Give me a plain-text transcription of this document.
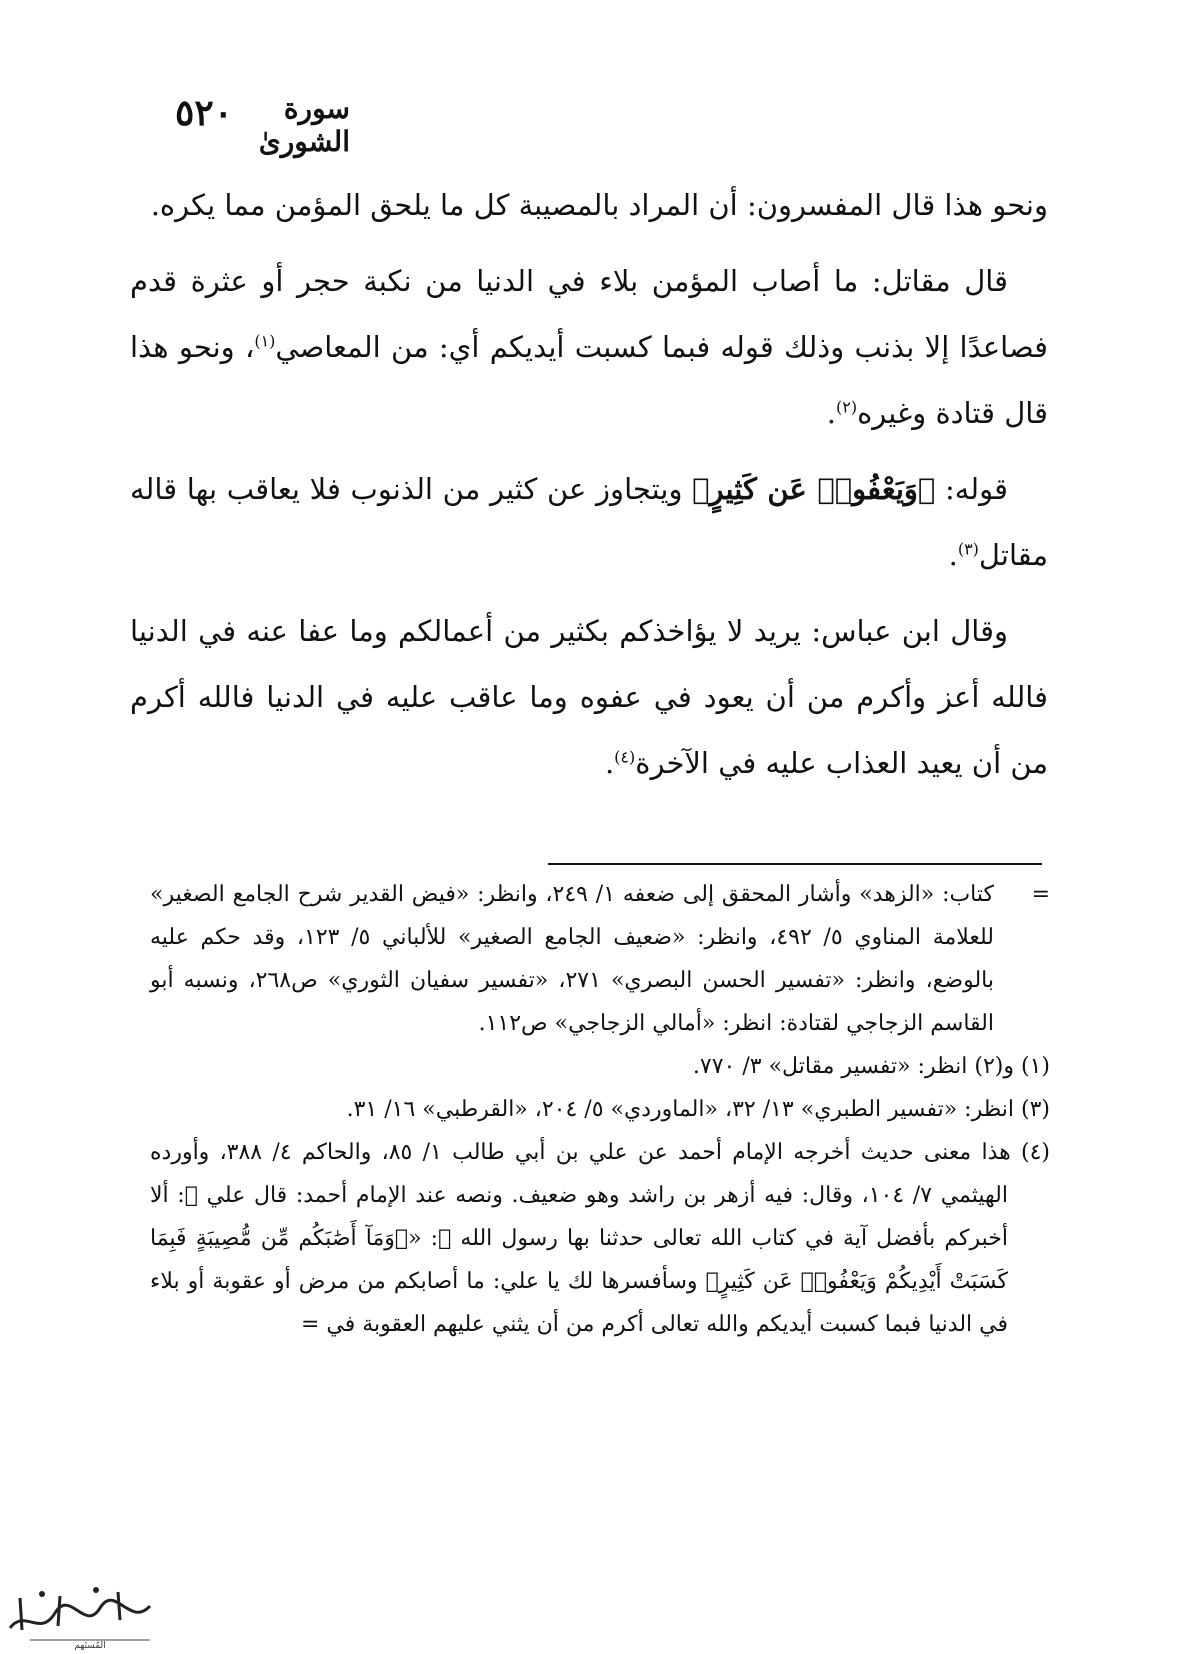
٥٢٠	سورة الشورىٰ

ونحو هذا قال المفسرون: أن المراد بالمصيبة كل ما يلحق المؤمن مما يكره.

قال مقاتل: ما أصاب المؤمن بلاء في الدنيا من نكبة حجر أو عثرة قدم فصاعدًا إلا بذنب وذلك قوله فبما كسبت أيديكم أي: من المعاصي$^{(١)}$، ونحو هذا قال قتادة وغيره$^{(٢)}$.

قوله: ﴿وَيَعْفُوا۟ عَن كَثِيرٍ﴾ ويتجاوز عن كثير من الذنوب فلا يعاقب بها قاله مقاتل$^{(٣)}$.

وقال ابن عباس: يريد لا يؤاخذكم بكثير من أعمالكم وما عفا عنه في الدنيا فالله أعز وأكرم من أن يعود في عفوه وما عاقب عليه في الدنيا فالله أكرم من أن يعيد العذاب عليه في الآخرة$^{(٤)}$.

=
كتاب: «الزهد» وأشار المحقق إلى ضعفه ١/ ٢٤٩، وانظر: «فيض القدير شرح الجامع الصغير» للعلامة المناوي ٥/ ٤٩٢، وانظر: «ضعيف الجامع الصغير» للألباني ٥/ ١٢٣، وقد حكم عليه بالوضع، وانظر: «تفسير الحسن البصري» ٢٧١، «تفسير سفيان الثوري» ص٢٦٨، ونسبه أبو القاسم الزجاجي لقتادة: انظر: «أمالي الزجاجي» ص١١٢.

(١) و(٢) انظر: «تفسير مقاتل» ٣/ ٧٧٠.

(٣) انظر: «تفسير الطبري» ١٣/ ٣٢، «الماوردي» ٥/ ٢٠٤، «القرطبي» ١٦/ ٣١.

(٤) هذا معنى حديث أخرجه الإمام أحمد عن علي بن أبي طالب ١/ ٨٥، والحاكم ٤/ ٣٨٨، وأورده الهيثمي ٧/ ١٠٤، وقال: فيه أزهر بن راشد وهو ضعيف. ونصه عند الإمام أحمد: قال علي ﷺ: ألا أخبركم بأفضل آية في كتاب الله تعالى حدثنا بها رسول الله ﷺ: «﴿وَمَآ أَصَٰبَكُم مِّن مُّصِيبَةٍ فَبِمَا كَسَبَتْ أَيْدِيكُمْ وَيَعْفُوا۟ عَن كَثِيرٍ﴾ وسأفسرها لك يا علي: ما أصابكم من مرض أو عقوبة أو بلاء في الدنيا فبما كسبت أيديكم والله تعالى أكرم من أن يثني عليهم العقوبة في =

المُستَهِم
